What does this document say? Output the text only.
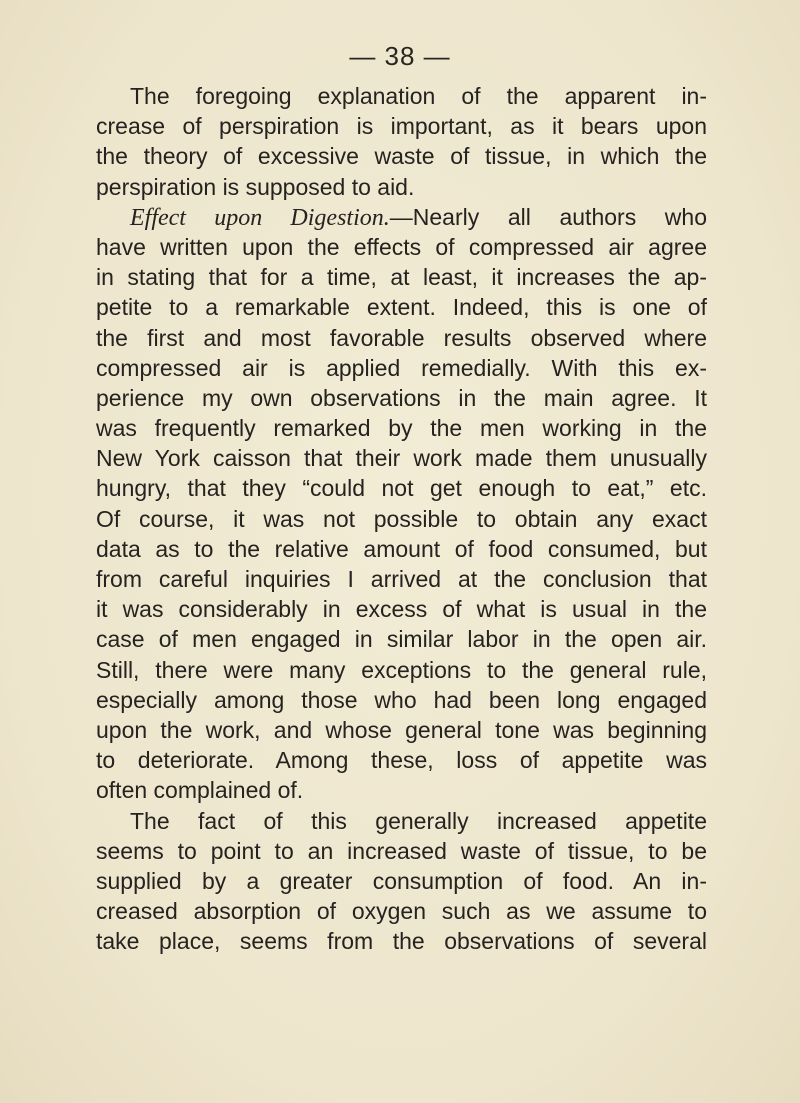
— 38 —
The foregoing explanation of the apparent in-
crease of perspiration is important, as it bears upon
the theory of excessive waste of tissue, in which the
perspiration is supposed to aid.
Effect upon Digestion.—Nearly all authors who
have written upon the effects of compressed air agree
in stating that for a time, at least, it increases the ap-
petite to a remarkable extent. Indeed, this is one of
the first and most favorable results observed where
compressed air is applied remedially. With this ex-
perience my own observations in the main agree. It
was frequently remarked by the men working in the
New York caisson that their work made them unusually
hungry, that they “could not get enough to eat,” etc.
Of course, it was not possible to obtain any exact
data as to the relative amount of food consumed, but
from careful inquiries I arrived at the conclusion that
it was considerably in excess of what is usual in the
case of men engaged in similar labor in the open air.
Still, there were many exceptions to the general rule,
especially among those who had been long engaged
upon the work, and whose general tone was beginning
to deteriorate. Among these, loss of appetite was
often complained of.
The fact of this generally increased appetite
seems to point to an increased waste of tissue, to be
supplied by a greater consumption of food. An in-
creased absorption of oxygen such as we assume to
take place, seems from the observations of several
